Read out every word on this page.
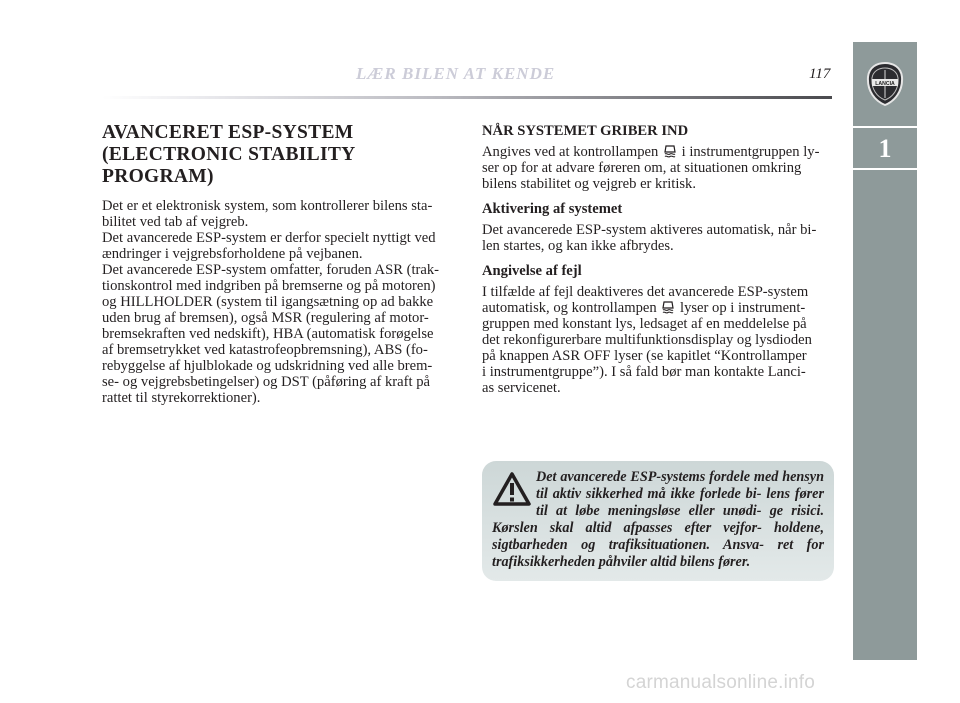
LÆR BILEN AT KENDE	117
LANCIA
1
AVANCERET ESP-SYSTEM
(ELECTRONIC STABILITY
PROGRAM)

Det er et elektronisk system, som kontrollerer bilens sta-
bilitet ved tab af vejgreb.
Det avancerede ESP-system er derfor specielt nyttigt ved
ændringer i vejgrebsforholdene på vejbanen.
Det avancerede ESP-system omfatter, foruden ASR (trak-
tionskontrol med indgriben på bremserne og på motoren)
og HILLHOLDER (system til igangsætning op ad bakke
uden brug af bremsen), også MSR (regulering af motor-
bremsekraften ved nedskift), HBA (automatisk forøgelse
af bremsetrykket ved katastrofeopbremsning), ABS (fo-
rebyggelse af hjulblokade og udskridning ved alle brem-
se- og vejgrebsbetingelser) og DST (påføring af kraft på
rattet til styrekorrektioner).

NÅR SYSTEMET GRIBER IND

Angives ved at kontrollampen i instrumentgruppen ly-
ser op for at advare føreren om, at situationen omkring
bilens stabilitet og vejgreb er kritisk.

Aktivering af systemet

Det avancerede ESP-system aktiveres automatisk, når bi-
len startes, og kan ikke afbrydes.

Angivelse af fejl

I tilfælde af fejl deaktiveres det avancerede ESP-system
automatisk, og kontrollampen lyser op i instrument-
gruppen med konstant lys, ledsaget af en meddelelse på
det rekonfigurerbare multifunktionsdisplay og lysdioden
på knappen ASR OFF lyser (se kapitlet “Kontrollamper
i instrumentgruppe”). I så fald bør man kontakte Lanci-
as servicenet.

Det avancerede ESP-systems fordele med hensyn til aktiv sikkerhed må ikke forlede bi- lens fører til at løbe meningsløse eller unødi- ge risici. Kørslen skal altid afpasses efter vejfor- holdene, sigtbarheden og trafiksituationen. Ansva- ret for trafiksikkerheden påhviler altid bilens fører.

carmanualsonline.info
